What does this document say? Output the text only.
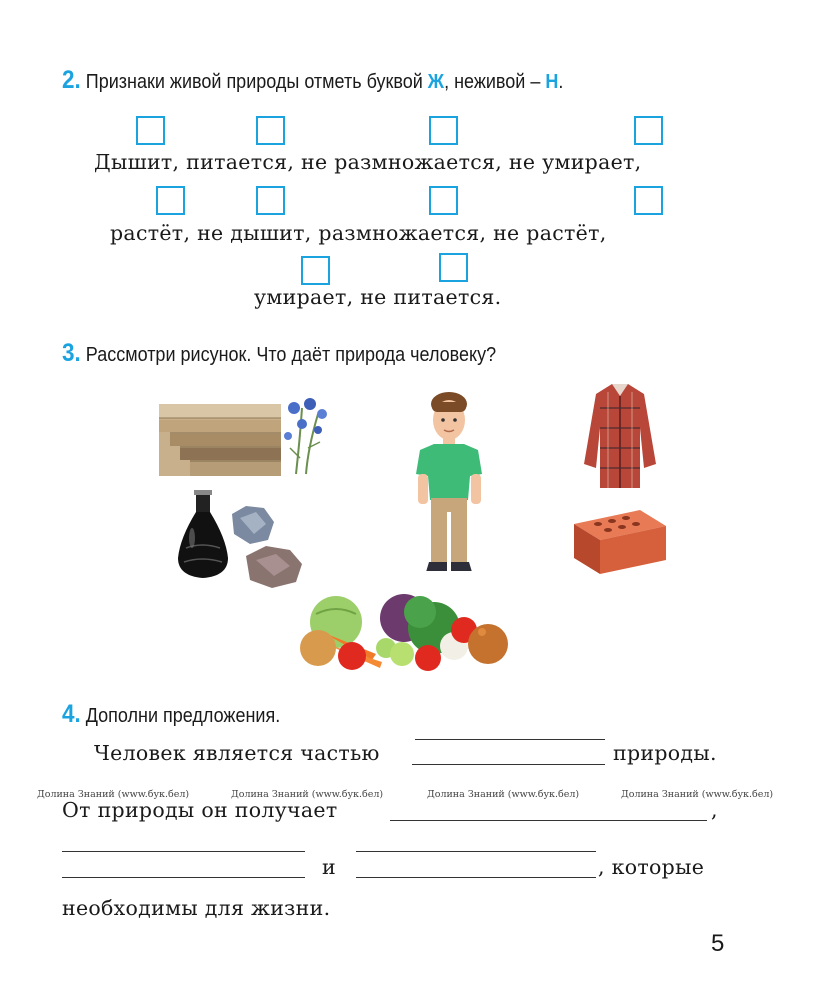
2. Признаки живой природы отметь буквой Ж, неживой – Н.
Дышит, питается, не размножается, не умирает,
растёт, не дышит, размножается, не растёт,
умирает, не питается.
3. Рассмотри рисунок. Что даёт природа человеку?
4. Дополни предложения.
Человек является частью	природы.
Долина Знаний (www.бук.бел)	Долина Знаний (www.бук.бел)	Долина Знаний (www.бук.бел)	Долина Знаний (www.бук.бел)
От природы он получает	,
и	, которые
необходимы для жизни.
5
